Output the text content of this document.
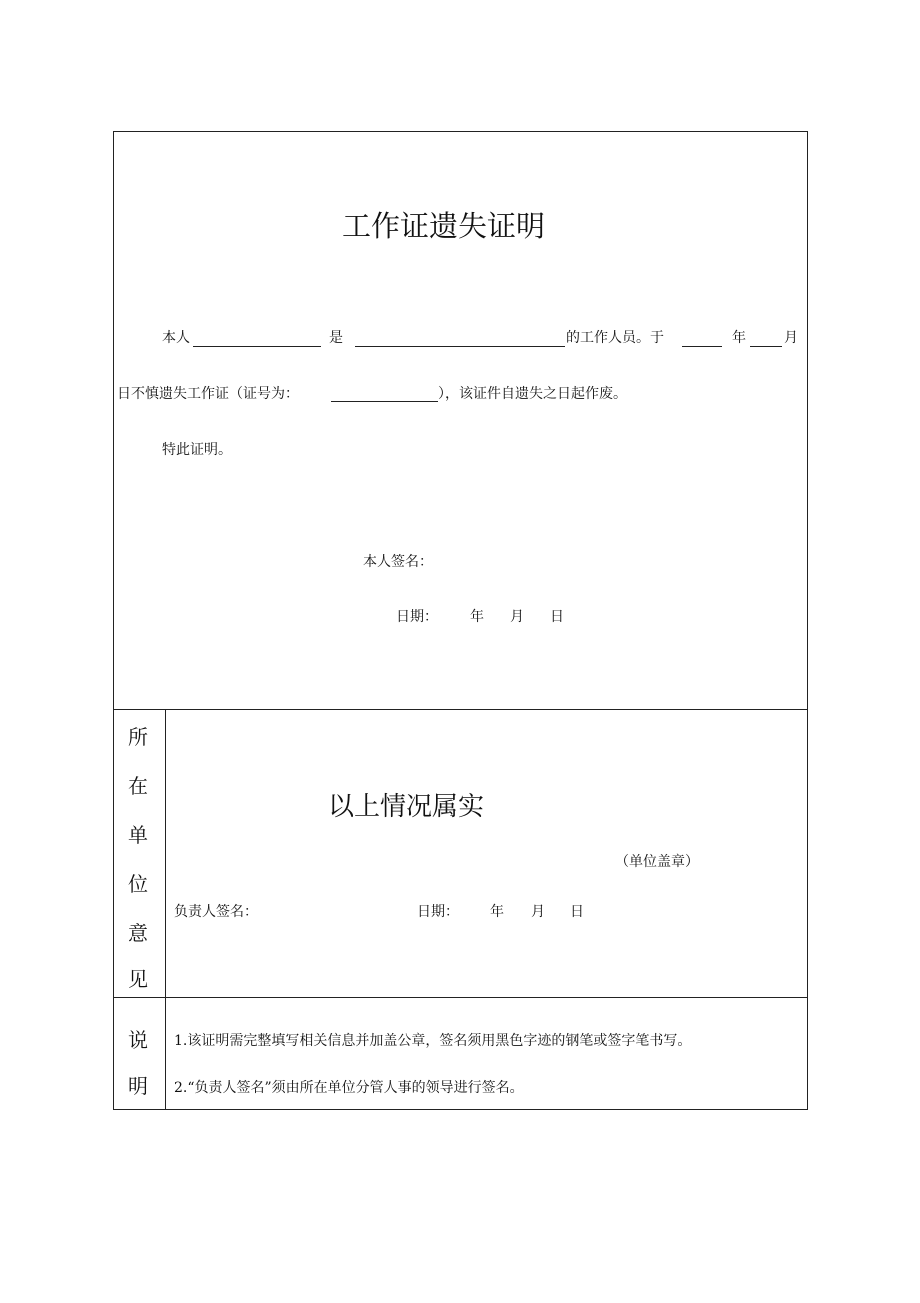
工作证遗失证明
本人	是	的工作人员。于	年	月
日不慎遗失工作证（证号为：	），该证件自遗失之日起作废。
特此证明。
本人签名：
日期： 年 月 日
所
在
单
位
意
见
以上情况属实
（单位盖章）
负责人签名：	日期： 年 月 日
说
明
1.该证明需完整填写相关信息并加盖公章，签名须用黑色字迹的钢笔或签字笔书写。
2.“负责人签名”须由所在单位分管人事的领导进行签名。
